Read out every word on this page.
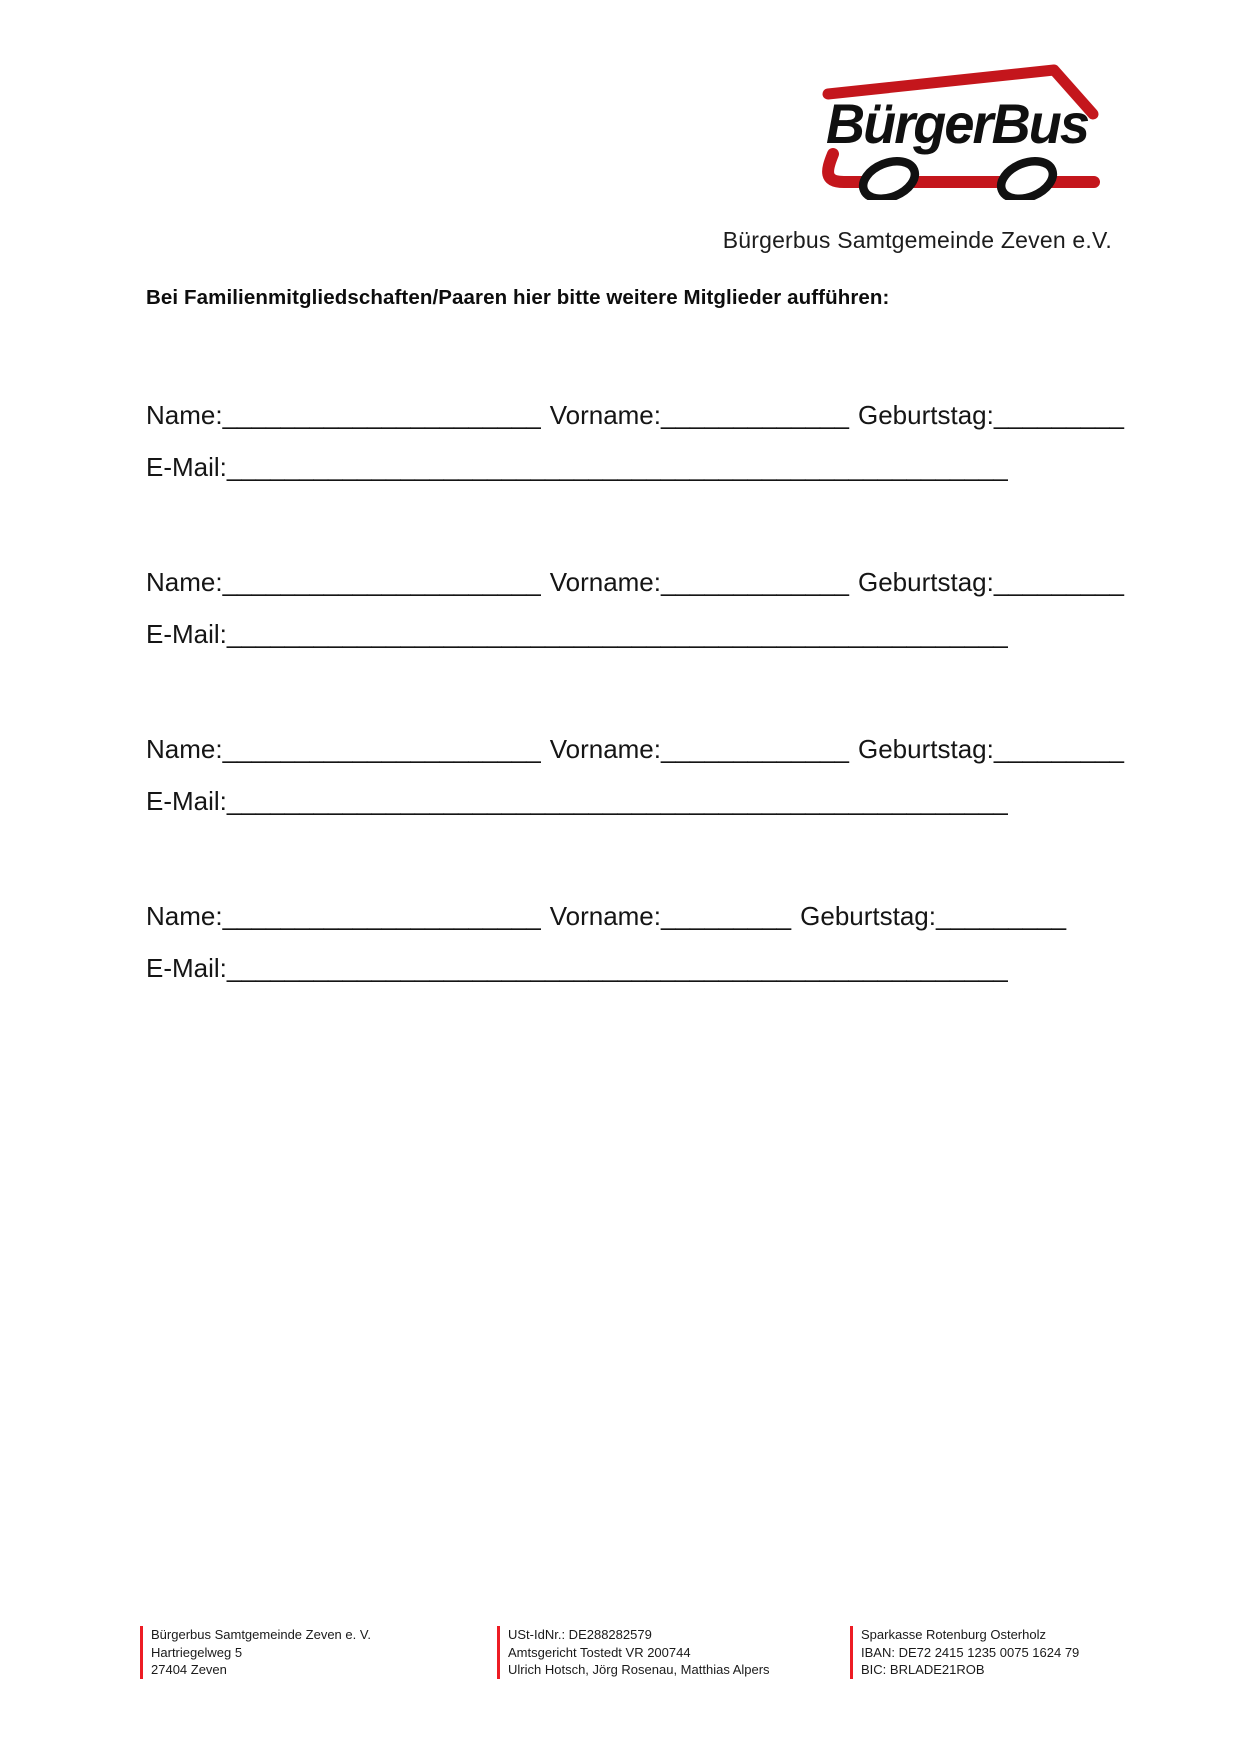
BürgerBus
Bürgerbus Samtgemeinde Zeven e.V.
Bei Familienmitgliedschaften/Paaren hier bitte weitere Mitglieder aufführen:
Name:______________________ Vorname:_____________ Geburtstag:_________
E-Mail:______________________________________________________
Name:______________________ Vorname:_____________ Geburtstag:_________
E-Mail:______________________________________________________
Name:______________________ Vorname:_____________ Geburtstag:_________
E-Mail:______________________________________________________
Name:______________________ Vorname:_________ Geburtstag:_________
E-Mail:______________________________________________________
Bürgerbus Samtgemeinde Zeven e. V.
Hartriegelweg 5
27404 Zeven
USt-IdNr.: DE288282579
Amtsgericht Tostedt VR 200744
Ulrich Hotsch, Jörg Rosenau, Matthias Alpers
Sparkasse Rotenburg Osterholz
IBAN: DE72 2415 1235 0075 1624 79
BIC: BRLADE21ROB
